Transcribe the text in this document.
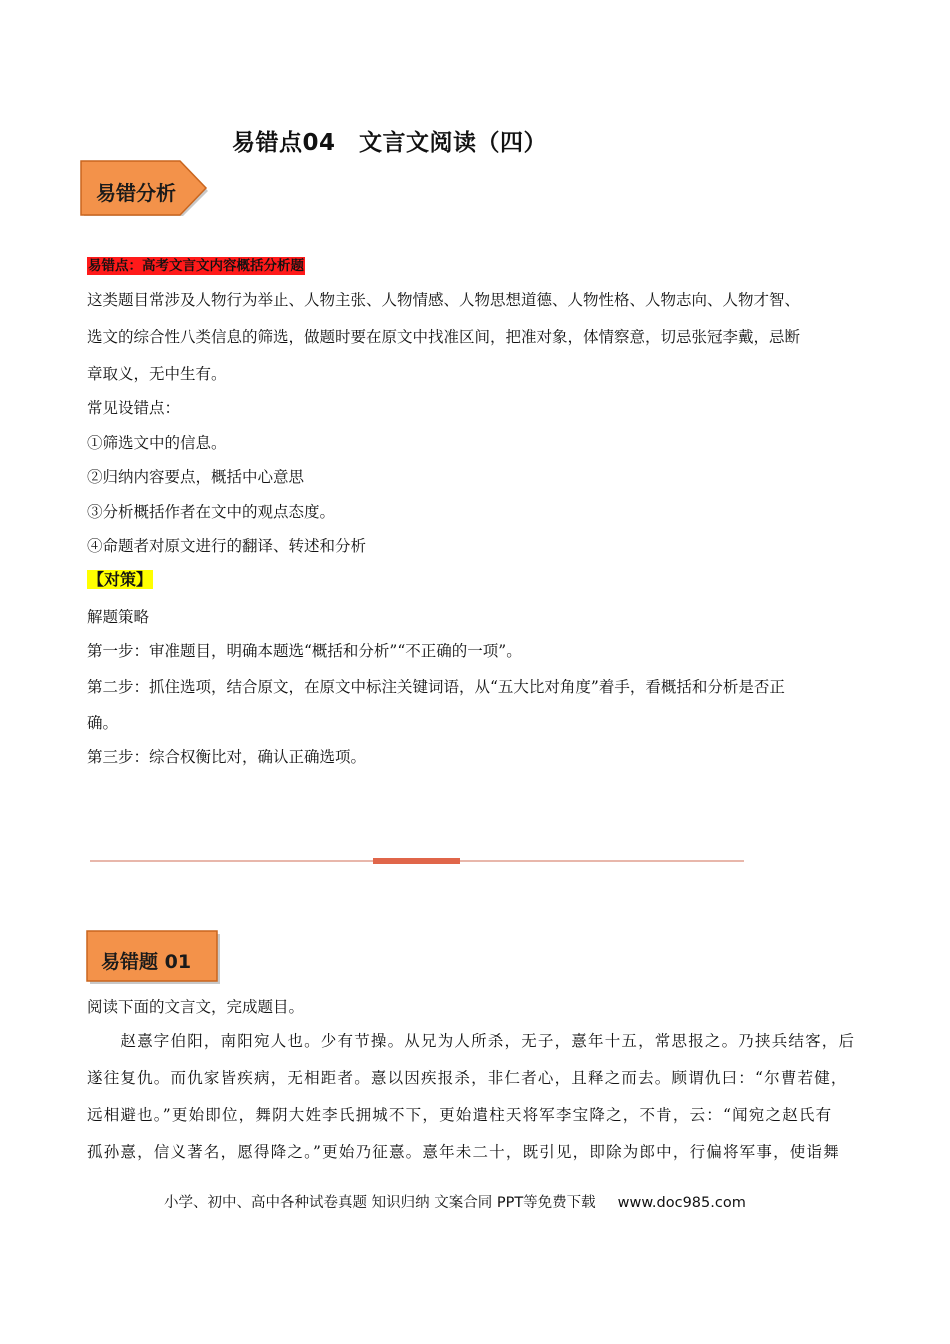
易错点04　文言文阅读（四）
易错分析
易错点：高考文言文内容概括分析题
这类题目常涉及人物行为举止、人物主张、人物情感、人物思想道德、人物性格、人物志向、人物才智、
选文的综合性八类信息的筛选，做题时要在原文中找准区间，把准对象，体情察意，切忌张冠李戴，忌断
章取义，无中生有。
常见设错点：
①筛选文中的信息。
②归纳内容要点，概括中心意思
③分析概括作者在文中的观点态度。
④命题者对原文进行的翻译、转述和分析
【对策】
解题策略
第一步：审准题目，明确本题选“概括和分析”“不正确的一项”。
第二步：抓住选项，结合原文，在原文中标注关键词语，从“五大比对角度”着手，看概括和分析是否正
确。
第三步：综合权衡比对，确认正确选项。
易错题 01
阅读下面的文言文，完成题目。
　　赵憙字伯阳，南阳宛人也。少有节操。从兄为人所杀，无子，憙年十五，常思报之。乃挟兵结客，后
遂往复仇。而仇家皆疾病，无相距者。憙以因疾报杀，非仁者心，且释之而去。顾谓仇曰：“尔曹若健，
远相避也。”更始即位，舞阴大姓李氏拥城不下，更始遣柱天将军李宝降之，不肯，云：“闻宛之赵氏有
孤孙憙，信义著名，愿得降之。”更始乃征憙。憙年未二十，既引见，即除为郎中，行偏将军事，使诣舞
小学、初中、高中各种试卷真题 知识归纳 文案合同 PPT等免费下载 www.doc985.com
